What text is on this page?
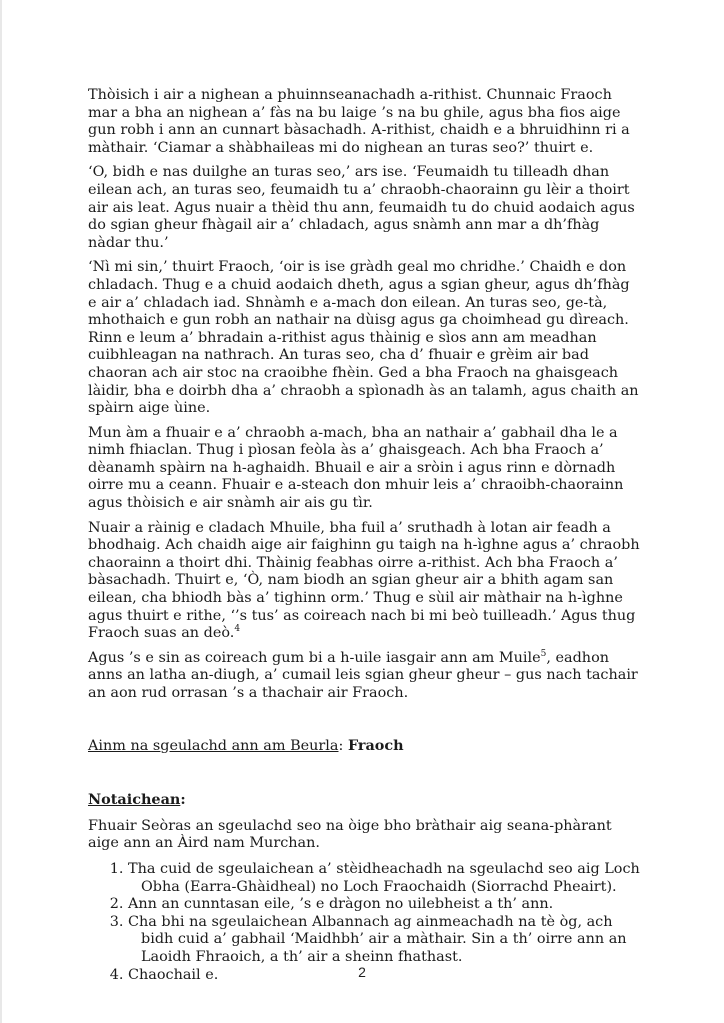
Thòisich i air a nighean a phuinnseanachadh a-rithist. Chunnaic Fraoch mar a bha an nighean a’ fàs na bu laige ’s na bu ghile, agus bha fios aige gun robh i ann an cunnart bàsachadh. A-rithist, chaidh e a bhruidhinn ri a màthair. ‘Ciamar a shàbhaileas mi do nighean an turas seo?’ thuirt e.

‘O, bidh e nas duilghe an turas seo,’ ars ise. ‘Feumaidh tu tilleadh dhan eilean ach, an turas seo, feumaidh tu a’ chraobh-chaorainn gu lèir a thoirt air ais leat. Agus nuair a thèid thu ann, feumaidh tu do chuid aodaich agus do sgian gheur fhàgail air a’ chladach, agus snàmh ann mar a dh’fhàg nàdar thu.’

‘Nì mi sin,’ thuirt Fraoch, ‘oir is ise gràdh geal mo chridhe.’ Chaidh e don chladach. Thug e a chuid aodaich dheth, agus a sgian gheur, agus dh’fhàg e air a’ chladach iad. Shnàmh e a-mach don eilean. An turas seo, ge-tà, mhothaich e gun robh an nathair na dùisg agus ga choimhead gu dìreach. Rinn e leum a’ bhradain a-rithist agus thàinig e sìos ann am meadhan cuibhleagan na nathrach. An turas seo, cha d’ fhuair e grèim air bad chaoran ach air stoc na craoibhe fhèin. Ged a bha Fraoch na ghaisgeach làidir, bha e doirbh dha a’ chraobh a spìonadh às an talamh, agus chaith an spàirn aige ùine.

Mun àm a fhuair e a’ chraobh a-mach, bha an nathair a’ gabhail dha le a nimh fhiaclan. Thug i pìosan feòla às a’ ghaisgeach. Ach bha Fraoch a’ dèanamh spàirn na h-aghaidh. Bhuail e air a sròin i agus rinn e dòrnadh oirre mu a ceann. Fhuair e a-steach don mhuir leis a’ chraoibh-chaorainn agus thòisich e air snàmh air ais gu tìr.

Nuair a ràinig e cladach Mhuile, bha fuil a’ sruthadh à lotan air feadh a bhodhaig. Ach chaidh aige air faighinn gu taigh na h-ìghne agus a’ chraobh chaorainn a thoirt dhi. Thàinig feabhas oirre a-rithist. Ach bha Fraoch a’ bàsachadh. Thuirt e, ‘Ò, nam biodh an sgian gheur air a bhith agam san eilean, cha bhiodh bàs a’ tighinn orm.’ Thug e sùil air màthair na h-ìghne agus thuirt e rithe, ‘’s tus’ as coireach nach bi mi beò tuilleadh.’ Agus thug Fraoch suas an deò.$^4$

Agus ’s e sin as coireach gum bi a h-uile iasgair ann am Muile$^5$, eadhon anns an latha an-diugh, a’ cumail leis sgian gheur gheur – gus nach tachair an aon rud orrasan ’s a thachair air Fraoch.

Ainm na sgeulachd ann am Beurla: Fraoch

Notaichean:

Fhuair Seòras an sgeulachd seo na òige bho bràthair aig seana-phàrant aige ann an Àird nam Murchan.

1. Tha cuid de sgeulaichean a’ stèidheachadh na sgeulachd seo aig Loch Obha (Earra-Ghàidheal) no Loch Fraochaidh (Siorrachd Pheairt).
2. Ann an cunntasan eile, ’s e dràgon no uilebheist a th’ ann.
3. Cha bhi na sgeulaichean Albannach ag ainmeachadh na tè òg, ach bidh cuid a’ gabhail ‘Maidhbh’ air a màthair. Sin a th’ oirre ann an Laoidh Fhraoich, a th’ air a sheinn fhathast.
4. Chaochail e.	2
